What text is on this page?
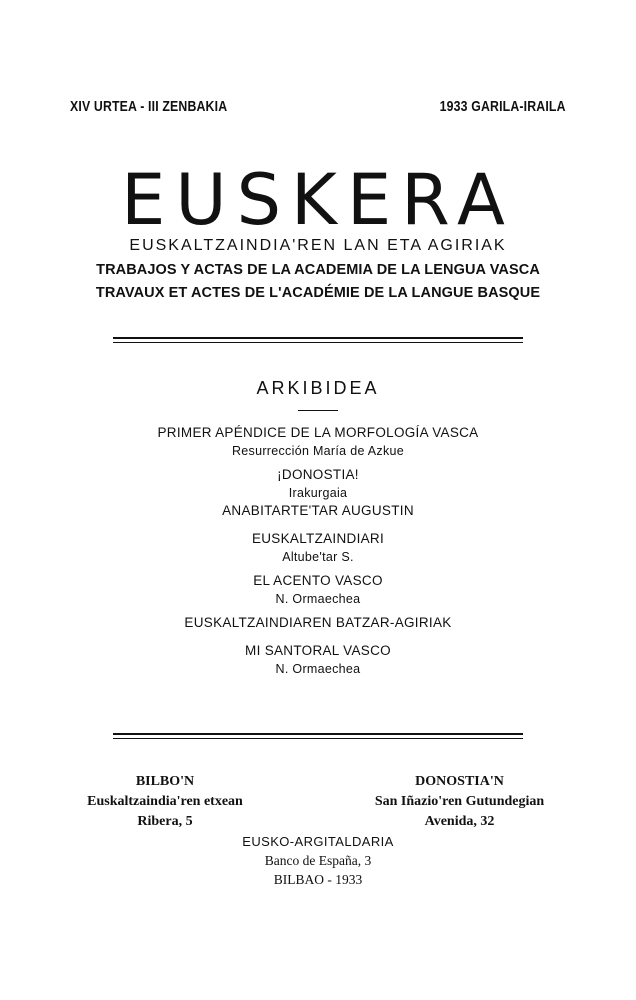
XIV URTEA - III ZENBAKIA	1933 GARILA-IRAILA
EUSKERA
EUSKALTZAINDIA'REN LAN ETA AGIRIAK
TRABAJOS Y ACTAS DE LA ACADEMIA DE LA LENGUA VASCA
TRAVAUX ET ACTES DE L'ACADÉMIE DE LA LANGUE BASQUE
ARKIBIDEA
PRIMER APÉNDICE DE LA MORFOLOGÍA VASCA
Resurrección María de Azkue
¡DONOSTIA!
Irakurgaia
ANABITARTE'TAR AUGUSTIN
EUSKALTZAINDIARI
Altube'tar S.
EL ACENTO VASCO
N. Ormaechea
EUSKALTZAINDIAREN BATZAR-AGIRIAK
MI SANTORAL VASCO
N. Ormaechea
BILBO'N
Euskaltzaindia'ren etxean
Ribera, 5
DONOSTIA'N
San Iñazio'ren Gutundegian
Avenida, 32
EUSKO-ARGITALDARIA
Banco de España, 3
BILBAO - 1933
